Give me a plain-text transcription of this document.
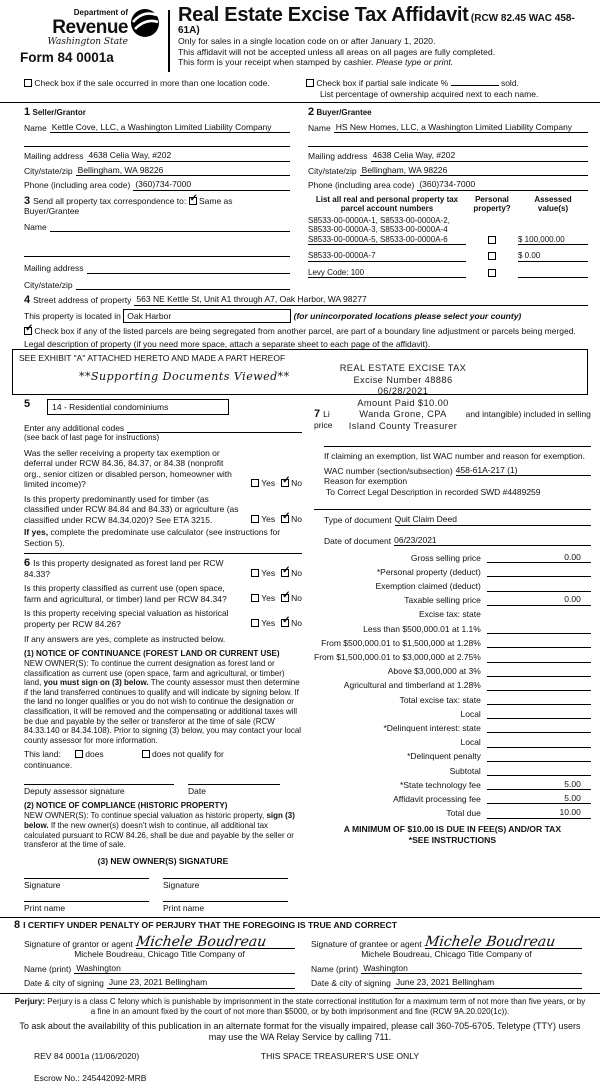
Department of
Revenue
Washington State
Form 84 0001a
Real Estate Excise Tax Affidavit (RCW 82.45 WAC 458-61A)
Only for sales in a single location code on or after January 1, 2020.
This affidavit will not be accepted unless all areas on all pages are fully completed.
This form is your receipt when stamped by cashier. Please type or print.
Check box if the sale occurred in more than one location code.	Check box if partial sale indicate %	sold.
List percentage of ownership acquired next to each name.
1 Seller/Grantor
Name Kettle Cove, LLC, a Washington Limited Liability Company
Mailing address 4638 Celia Way, #202
City/state/zip Bellingham, WA 98226
Phone (including area code) (360)734-7000
2 Buyer/Grantee
Name HS New Homes, LLC, a Washington Limited Liability Company
Mailing address 4638 Celia Way, #202
City/state/zip Bellingham, WA 98226
Phone (including area code) (360)734-7000
3 Send all property tax correspondence to: ✓ Same as Buyer/Grantee
Name
Mailing address
City/state/zip
List all real and personal property tax
parcel account numbers
Personal
property?
Assessed
value(s)
S8533-00-0000A-1, S8533-00-0000A-2,
S8533-00-0000A-3, S8533-00-0000A-4
S8533-00-0000A-5, S8533-00-0000A-6	$ 100,000.00
S8533-00-0000A-7	$ 0.00
Levy Code: 100
4 Street address of property 563 NE Kettle St, Unit A1 through A7, Oak Harbor, WA 98277
This property is located in Oak Harbor	(for unincorporated locations please select your county)
✓ Check box if any of the listed parcels are being segregated from another parcel, are part of a boundary line adjustment or parcels being merged.
Legal description of property (if you need more space, attach a separate sheet to each page of the affidavit).
SEE EXHIBIT "A" ATTACHED HERETO AND MADE A PART HEREOF
**Supporting Documents Viewed**
REAL ESTATE EXCISE TAX
Excise Number 48886
06/28/2021
Amount Paid $10.00
Wanda Grone, CPA
Island County Treasurer
5	14 - Residential condominiums
Enter any additional codes
(see back of last page for instructions)
Was the seller receiving a property tax exemption or deferral under RCW 84.36, 84.37, or 84.38 (nonprofit org., senior citizen or disabled person, homeowner with limited income)?	Yes ✓ No
Is this property predominantly used for timber (as classified under RCW 84.84 and 84.33) or agriculture (as classified under RCW 84.34.020)? See ETA 3215.	Yes ✓ No
If yes, complete the predominate use calculator (see instructions for Section 5).
6 Is this property designated as forest land per RCW 84.33?	Yes ✓ No
Is this property classified as current use (open space, farm and agricultural, or timber) land per RCW 84.34?	Yes ✓ No
Is this property receiving special valuation as historical property per RCW 84.26?	Yes ✓ No
If any answers are yes, complete as instructed below.
(1) NOTICE OF CONTINUANCE (FOREST LAND OR CURRENT USE)
NEW OWNER(S): To continue the current designation as forest land or classification as current use (open space, farm and agricultural, or timber) land, you must sign on (3) below. The county assessor must then determine if the land transferred continues to qualify and will indicate by signing below. If the land no longer qualifies or you do not wish to continue the designation or classification, it will be removed and the compensating or additional taxes will be due and payable by the seller or transferor at the time of sale (RCW 84.33.140 or 84.34.108). Prior to signing (3) below, you may contact your local county assessor for more information.
This land:	does	does not qualify for
continuance.
Deputy assessor signature	Date
(2) NOTICE OF COMPLIANCE (HISTORIC PROPERTY)
NEW OWNER(S): To continue special valuation as historic property, sign (3) below. If the new owner(s) doesn't wish to continue, all additional tax calculated pursuant to RCW 84.26, shall be due and payable by the seller or transferor at the time of sale.
(3) NEW OWNER(S) SIGNATURE
Signature	Signature
Print name	Print name
7 Li	and intangible) included in selling
price
If claiming an exemption, list WAC number and reason for exemption.
WAC number (section/subsection) 458-61A-217 (1)
Reason for exemption
To Correct Legal Description in recorded SWD #4489259
Type of document Quit Claim Deed
Date of document 06/23/2021
Gross selling price	0.00
*Personal property (deduct)
Exemption claimed (deduct)
Taxable selling price	0.00
Excise tax: state
Less than $500,000.01 at 1.1%
From $500,000.01 to $1,500,000 at 1.28%
From $1,500,000.01 to $3,000,000 at 2.75%
Above $3,000,000 at 3%
Agricultural and timberland at 1.28%
Total excise tax: state
Local
*Delinquent interest: state
Local
*Delinquent penalty
Subtotal
*State technology fee	5.00
Affidavit processing fee	5.00
Total due	10.00
A MINIMUM OF $10.00 IS DUE IN FEE(S) AND/OR TAX
*SEE INSTRUCTIONS
8 I CERTIFY UNDER PENALTY OF PERJURY THAT THE FOREGOING IS TRUE AND CORRECT
Signature of grantor or agent Michele Boudreau
Michele Boudreau, Chicago Title Company of
Name (print) Washington
Date & city of signing June 23, 2021 Bellingham
Signature of grantee or agent Michele Boudreau
Michele Boudreau, Chicago Title Company of
Name (print) Washington
Date & city of signing June 23, 2021 Bellingham
Perjury: Perjury is a class C felony which is punishable by imprisonment in the state correctional institution for a maximum term of not more than five years, or by a fine in an amount fixed by the court of not more than $5000, or by both imprisonment and fine (RCW 9A.20.020(1c)).
To ask about the availability of this publication in an alternate format for the visually impaired, please call 360-705-6705. Teletype (TTY) users may use the WA Relay Service by calling 711.
REV 84 0001a (11/06/2020)	THIS SPACE TREASURER'S USE ONLY
Escrow No.: 245442092-MRB
